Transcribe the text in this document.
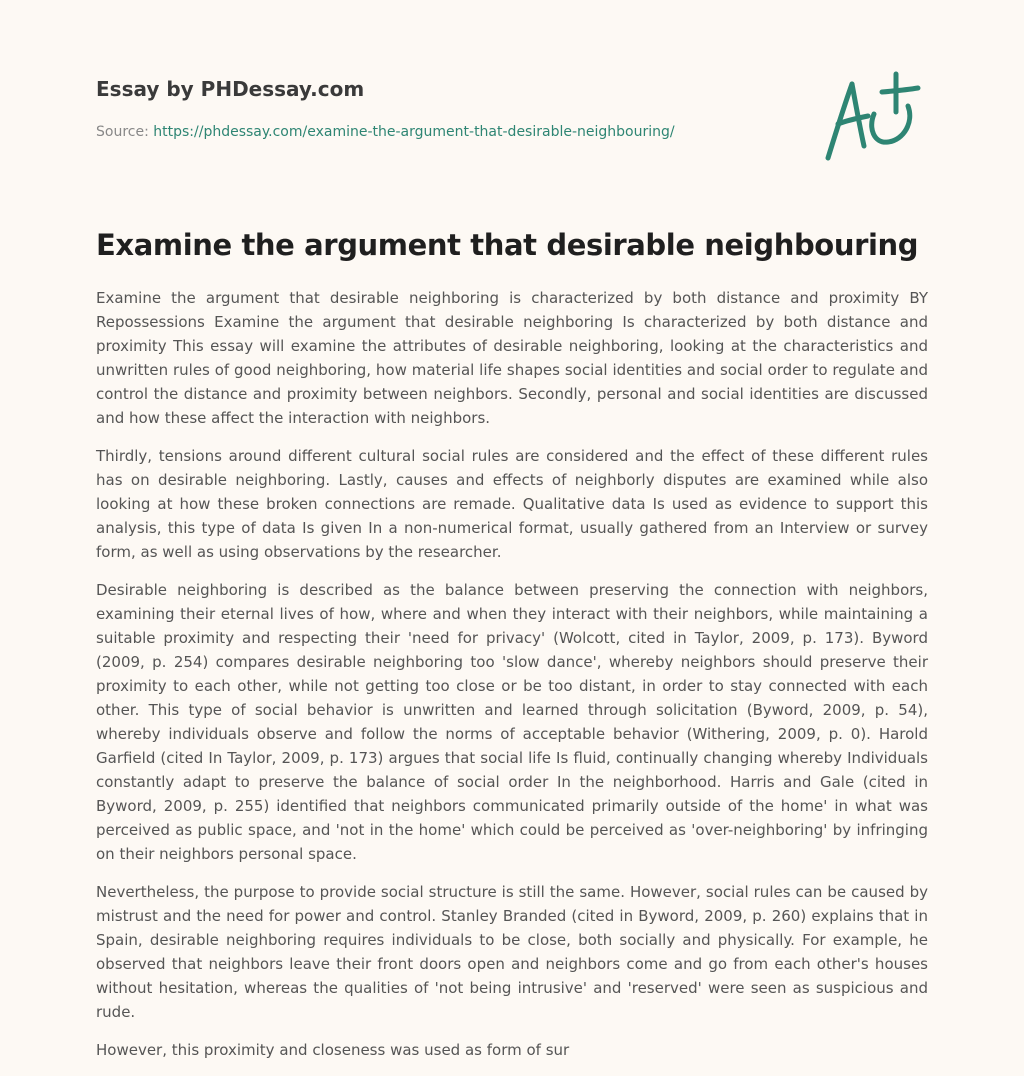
Essay by PHDessay.com
Source: https://phdessay.com/examine-the-argument-that-desirable-neighbouring/
Examine the argument that desirable neighbouring

Examine the argument that desirable neighboring is characterized by both distance and proximity BY Repossessions Examine the argument that desirable neighboring Is characterized by both distance and proximity This essay will examine the attributes of desirable neighboring, looking at the characteristics and unwritten rules of good neighboring, how material life shapes social identities and social order to regulate and control the distance and proximity between neighbors. Secondly, personal and social identities are discussed and how these affect the interaction with neighbors.

Thirdly, tensions around different cultural social rules are considered and the effect of these different rules has on desirable neighboring. Lastly, causes and effects of neighborly disputes are examined while also looking at how these broken connections are remade. Qualitative data Is used as evidence to support this analysis, this type of data Is given In a non-numerical format, usually gathered from an Interview or survey form, as well as using observations by the researcher.

Desirable neighboring is described as the balance between preserving the connection with neighbors, examining their eternal lives of how, where and when they interact with their neighbors, while maintaining a suitable proximity and respecting their 'need for privacy' (Wolcott, cited in Taylor, 2009, p. 173). Byword (2009, p. 254) compares desirable neighboring too 'slow dance', whereby neighbors should preserve their proximity to each other, while not getting too close or be too distant, in order to stay connected with each other. This type of social behavior is unwritten and learned through solicitation (Byword, 2009, p. 54), whereby individuals observe and follow the norms of acceptable behavior (Withering, 2009, p. 0). Harold Garfield (cited In Taylor, 2009, p. 173) argues that social life Is fluid, continually changing whereby Individuals constantly adapt to preserve the balance of social order In the neighborhood. Harris and Gale (cited in Byword, 2009, p. 255) identified that neighbors communicated primarily outside of the home' in what was perceived as public space, and 'not in the home' which could be perceived as 'over-neighboring' by infringing on their neighbors personal space.

Nevertheless, the purpose to provide social structure is still the same. However, social rules can be caused by mistrust and the need for power and control. Stanley Branded (cited in Byword, 2009, p. 260) explains that in Spain, desirable neighboring requires individuals to be close, both socially and physically. For example, he observed that neighbors leave their front doors open and neighbors come and go from each other's houses without hesitation, whereas the qualities of 'not being intrusive' and 'reserved' were seen as suspicious and rude.

However, this proximity and closeness was used as form of sur
